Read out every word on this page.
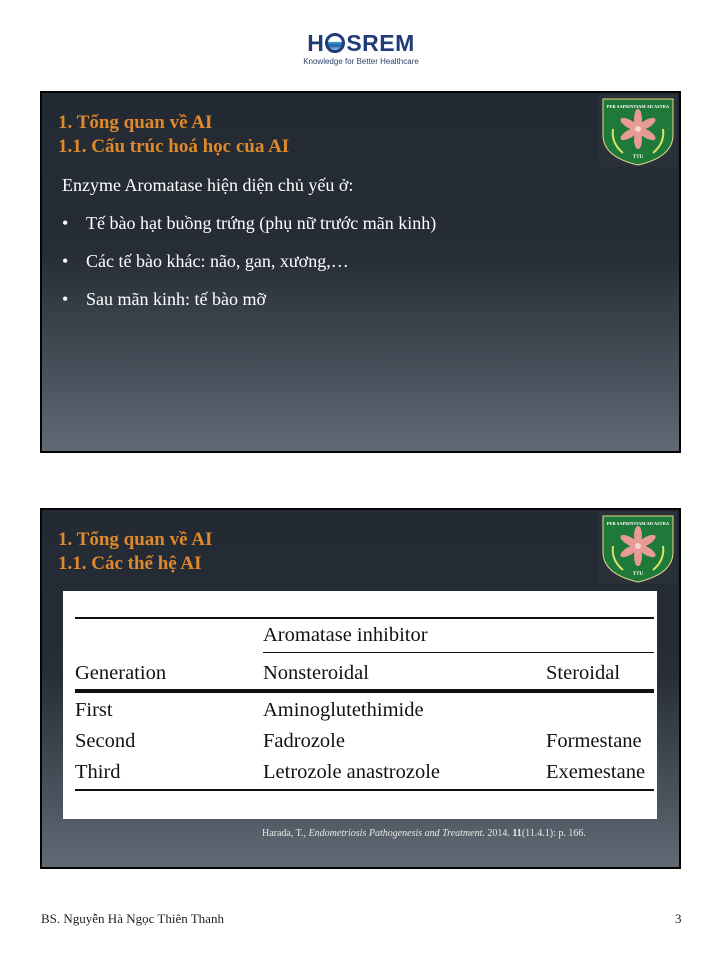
H SREM
Knowledge for Better Healthcare
1. Tổng quan về AI
1.1. Cấu trúc hoá học của AI
PER SAPIENTIAM AD ASTRA
TTU
Enzyme Aromatase hiện diện chủ yếu ở:
• Tế bào hạt buồng trứng (phụ nữ trước mãn kinh)
• Các tế bào khác: não, gan, xương,…
• Sau mãn kinh: tế bào mỡ
1. Tổng quan về AI
1.1. Các thế hệ AI
PER SAPIENTIAM AD ASTRA
TTU
Aromatase inhibitor
Generation	Nonsteroidal	Steroidal
First	Aminoglutethimide
Second	Fadrozole	Formestane
Third	Letrozole anastrozole	Exemestane
Harada, T., Endometriosis Pathogenesis and Treatment. 2014. 11(11.4.1): p. 166.
BS. Nguyễn Hà Ngọc Thiên Thanh	3
